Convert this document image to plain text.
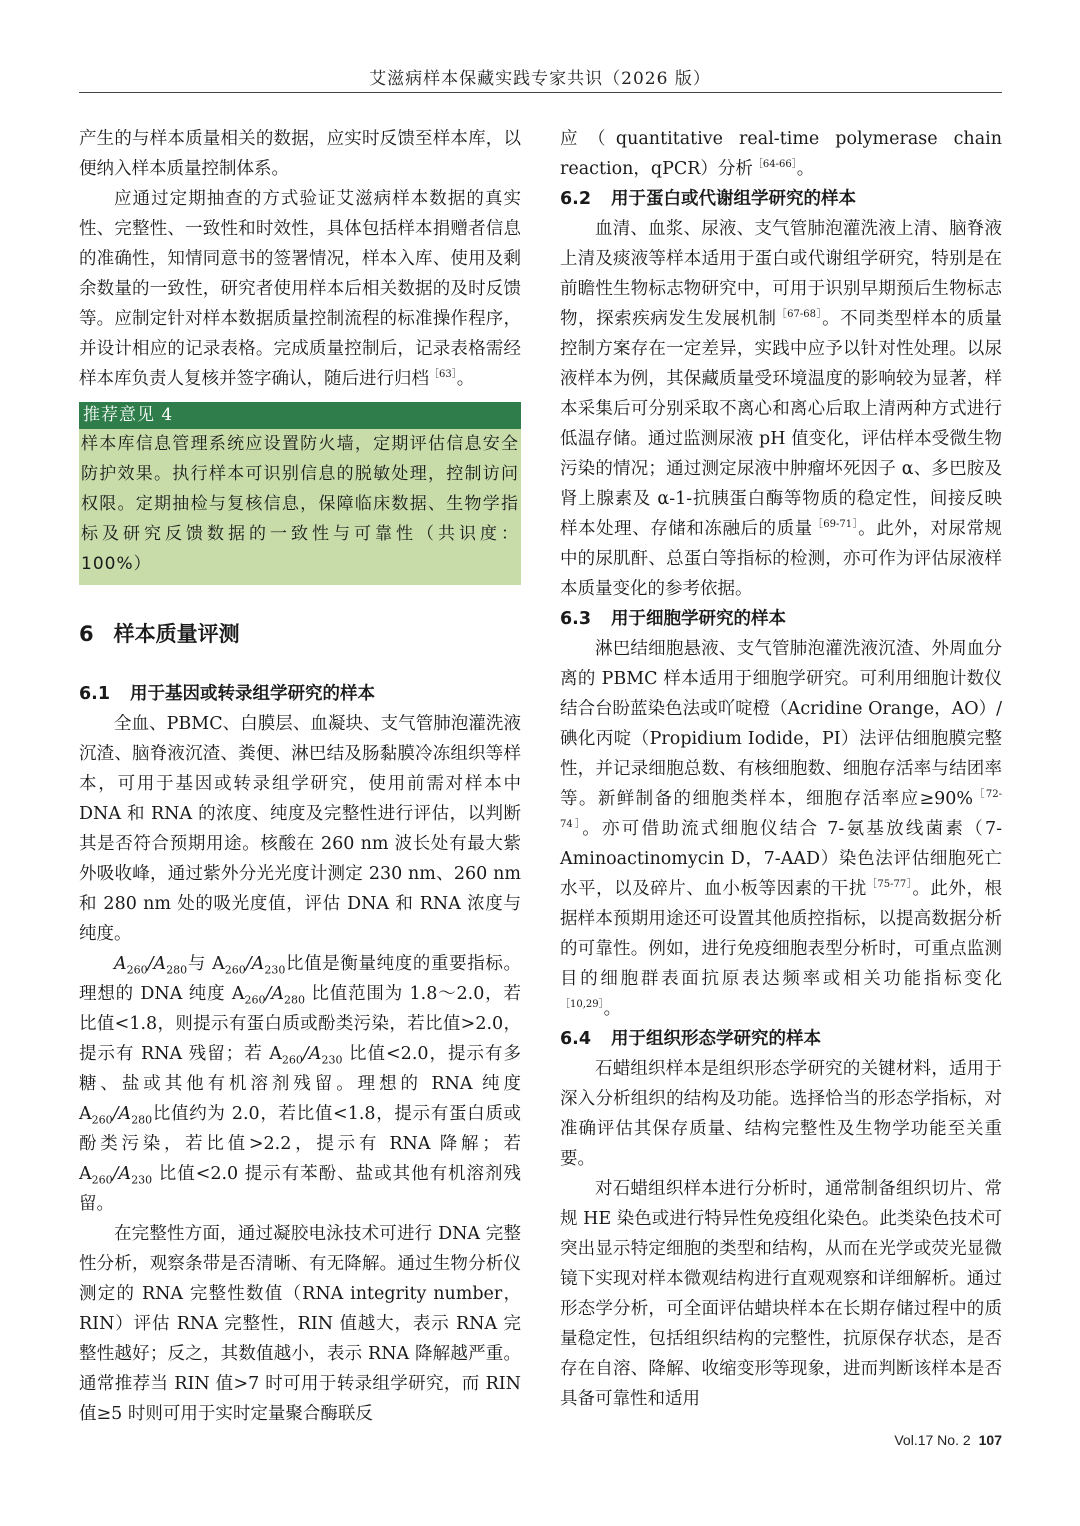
艾滋病样本保藏实践专家共识（2026 版）

产生的与样本质量相关的数据，应实时反馈至样本库，以便纳入样本质量控制体系。

应通过定期抽查的方式验证艾滋病样本数据的真实性、完整性、一致性和时效性，具体包括样本捐赠者信息的准确性，知情同意书的签署情况，样本入库、使用及剩余数量的一致性，研究者使用样本后相关数据的及时反馈等。应制定针对样本数据质量控制流程的标准操作程序，并设计相应的记录表格。完成质量控制后，记录表格需经样本库负责人复核并签字确认，随后进行归档$^{[63]}$。

推荐意见 4
样本库信息管理系统应设置防火墙，定期评估信息安全防护效果。执行样本可识别信息的脱敏处理，控制访问权限。定期抽检与复核信息，保障临床数据、生物学指标及研究反馈数据的一致性与可靠性（共识度：100%）
6 样本质量评测
6.1 用于基因或转录组学研究的样本

全血、PBMC、白膜层、血凝块、支气管肺泡灌洗液沉渣、脑脊液沉渣、粪便、淋巴结及肠黏膜冷冻组织等样本，可用于基因或转录组学研究，使用前需对样本中 DNA 和 RNA 的浓度、纯度及完整性进行评估，以判断其是否符合预期用途。核酸在 260 nm 波长处有最大紫外吸收峰，通过紫外分光光度计测定 230 nm、260 nm 和 280 nm 处的吸光度值，评估 DNA 和 RNA 浓度与纯度。

$A_{260}/A_{280}$与 $A_{260}/A_{230}$比值是衡量纯度的重要指标。理想的 DNA 纯度 $A_{260}/A_{280}$ 比值范围为 1.8～2.0，若比值<1.8，则提示有蛋白质或酚类污染，若比值>2.0，提示有 RNA 残留；若 $A_{260}/A_{230}$ 比值<2.0，提示有多糖、盐或其他有机溶剂残留。理想的 RNA 纯度 $A_{260}/A_{280}$比值约为 2.0，若比值<1.8，提示有蛋白质或酚类污染，若比值>2.2，提示有 RNA 降解；若 $A_{260}/A_{230}$ 比值<2.0 提示有苯酚、盐或其他有机溶剂残留。

在完整性方面，通过凝胶电泳技术可进行 DNA 完整性分析，观察条带是否清晰、有无降解。通过生物分析仪测定的 RNA 完整性数值（RNA integrity number，RIN）评估 RNA 完整性，RIN 值越大，表示 RNA 完整性越好；反之，其数值越小，表示 RNA 降解越严重。通常推荐当 RIN 值>7 时可用于转录组学研究，而 RIN 值≥5 时则可用于实时定量聚合酶联反

应（quantitative real-time polymerase chain reaction，qPCR）分析$^{[64-66]}$。

6.2 用于蛋白或代谢组学研究的样本

血清、血浆、尿液、支气管肺泡灌洗液上清、脑脊液上清及痰液等样本适用于蛋白或代谢组学研究，特别是在前瞻性生物标志物研究中，可用于识别早期预后生物标志物，探索疾病发生发展机制$^{[67-68]}$。不同类型样本的质量控制方案存在一定差异，实践中应予以针对性处理。以尿液样本为例，其保藏质量受环境温度的影响较为显著，样本采集后可分别采取不离心和离心后取上清两种方式进行低温存储。通过监测尿液 pH 值变化，评估样本受微生物污染的情况；通过测定尿液中肿瘤坏死因子 α、多巴胺及肾上腺素及 α-1-抗胰蛋白酶等物质的稳定性，间接反映样本处理、存储和冻融后的质量$^{[69-71]}$。此外，对尿常规中的尿肌酐、总蛋白等指标的检测，亦可作为评估尿液样本质量变化的参考依据。

6.3 用于细胞学研究的样本

淋巴结细胞悬液、支气管肺泡灌洗液沉渣、外周血分离的 PBMC 样本适用于细胞学研究。可利用细胞计数仪结合台盼蓝染色法或吖啶橙（Acridine Orange，AO）/碘化丙啶（Propidium Iodide，PI）法评估细胞膜完整性，并记录细胞总数、有核细胞数、细胞存活率与结团率等。新鲜制备的细胞类样本，细胞存活率应≥90%$^{[72-74]}$。亦可借助流式细胞仪结合 7-氨基放线菌素（7-Aminoactinomycin D，7-AAD）染色法评估细胞死亡水平，以及碎片、血小板等因素的干扰$^{[75-77]}$。此外，根据样本预期用途还可设置其他质控指标，以提高数据分析的可靠性。例如，进行免疫细胞表型分析时，可重点监测目的细胞群表面抗原表达频率或相关功能指标变化$^{[10,29]}$。

6.4 用于组织形态学研究的样本

石蜡组织样本是组织形态学研究的关键材料，适用于深入分析组织的结构及功能。选择恰当的形态学指标，对准确评估其保存质量、结构完整性及生物学功能至关重要。

对石蜡组织样本进行分析时，通常制备组织切片、常规 HE 染色或进行特异性免疫组化染色。此类染色技术可突出显示特定细胞的类型和结构，从而在光学或荧光显微镜下实现对样本微观结构进行直观观察和详细解析。通过形态学分析，可全面评估蜡块样本在长期存储过程中的质量稳定性，包括组织结构的完整性，抗原保存状态，是否存在自溶、降解、收缩变形等现象，进而判断该样本是否具备可靠性和适用

Vol.17 No. 2 107
